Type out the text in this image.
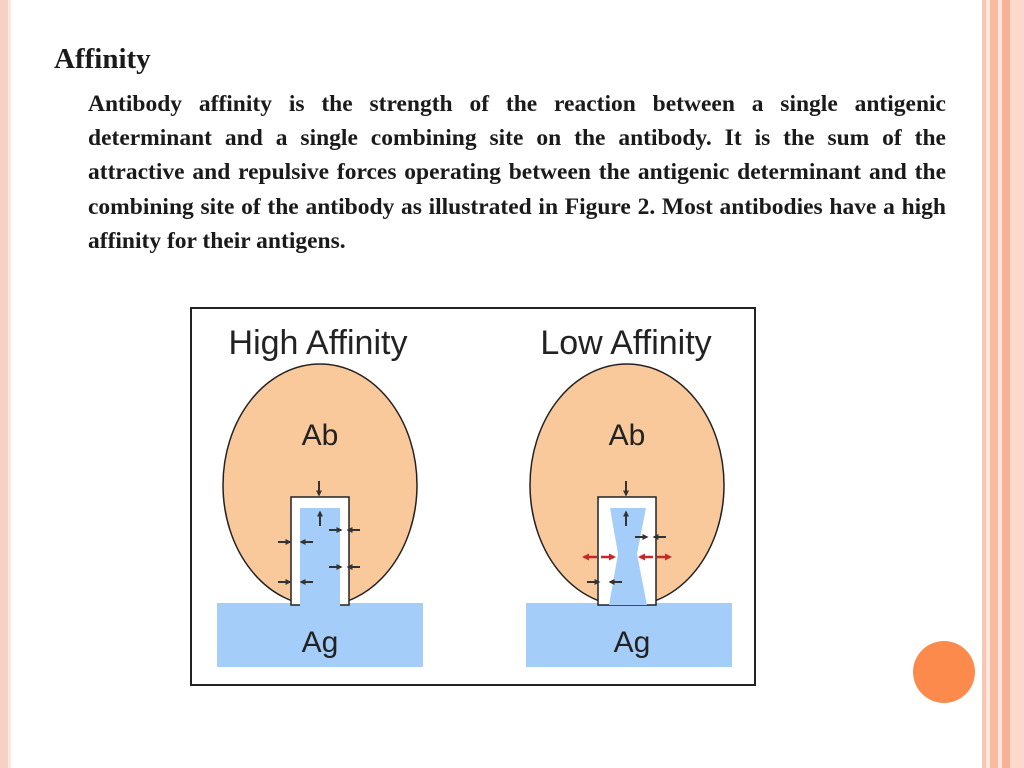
Affinity

Antibody affinity is the strength of the reaction between a single antigenic determinant and a single combining site on the antibody. It is the sum of the attractive and repulsive forces operating between the antigenic determinant and the combining site of the antibody as illustrated in Figure 2. Most antibodies have a high affinity for their antigens.

High Affinity
Ab
Ag
Low Affinity
Ab
Ag
